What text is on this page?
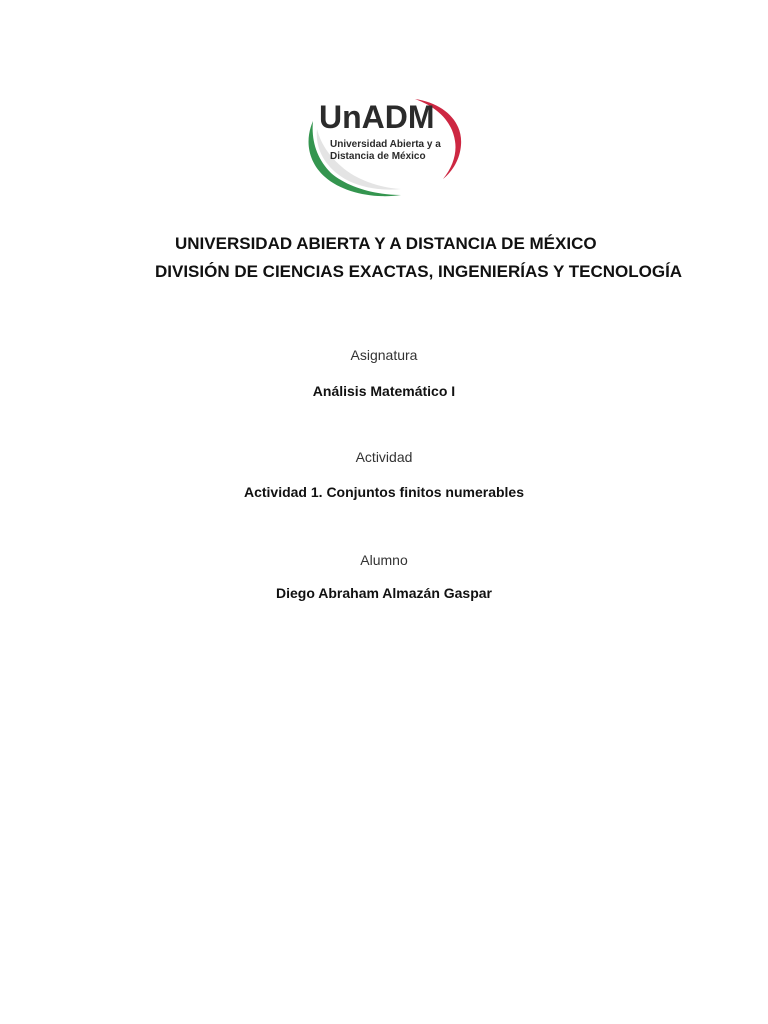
UnADM
Universidad Abierta y a
Distancia de México
UNIVERSIDAD ABIERTA Y A DISTANCIA DE MÉXICO
DIVISIÓN DE CIENCIAS EXACTAS, INGENIERÍAS Y TECNOLOGÍA
Asignatura
Análisis Matemático I
Actividad
Actividad 1. Conjuntos finitos numerables
Alumno
Diego Abraham Almazán Gaspar
